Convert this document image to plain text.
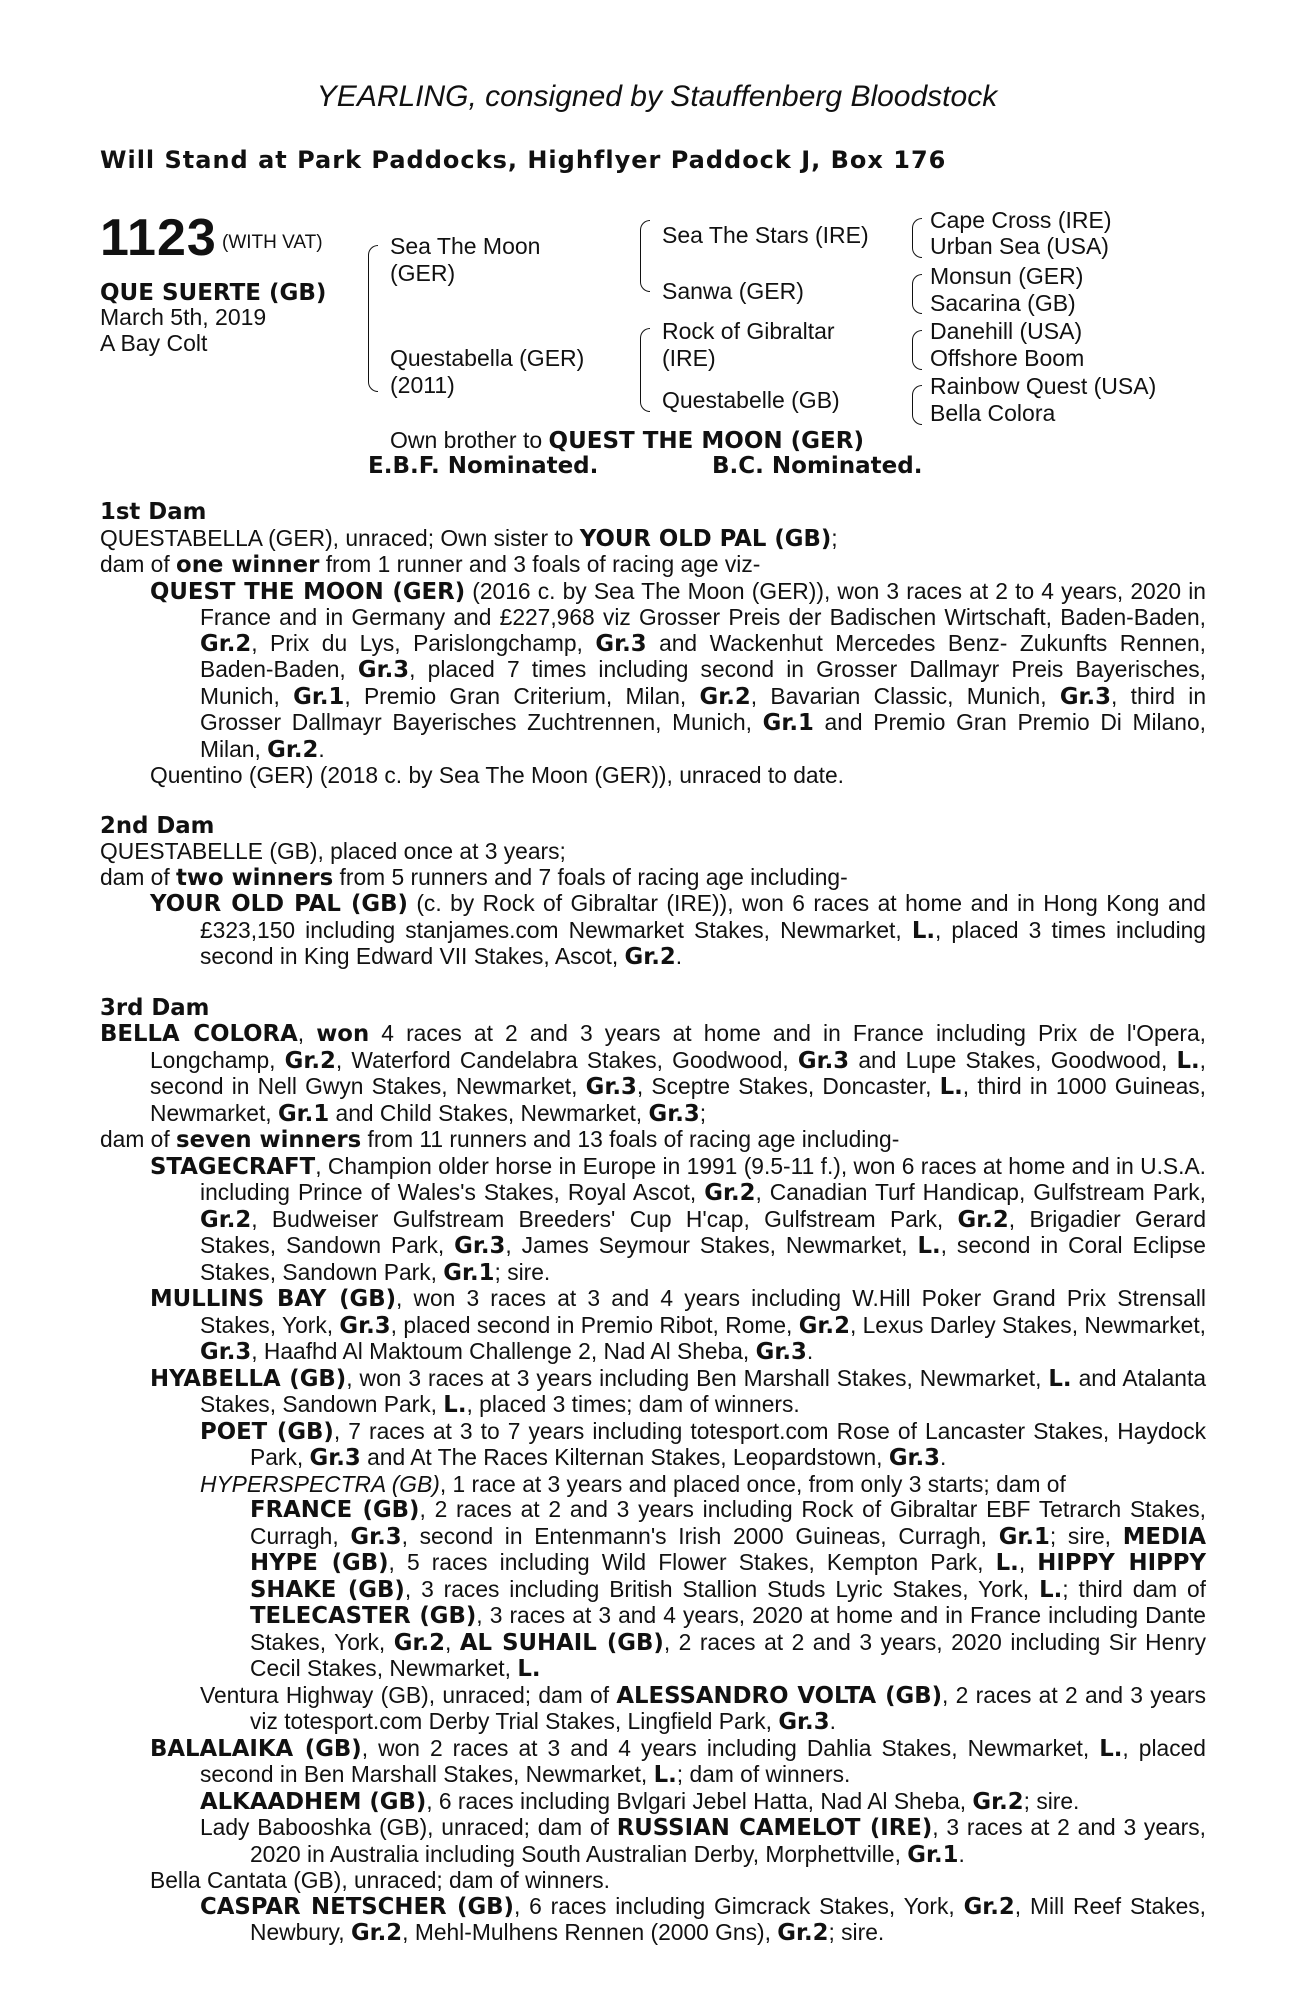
YEARLING, consigned by Stauffenberg Bloodstock
Will Stand at Park Paddocks, Highflyer Paddock J, Box 176
1123 (WITH VAT)
QUE SUERTE (GB)
March 5th, 2019
A Bay Colt
Sea The Moon
(GER)
Questabella (GER)
(2011)
Sea The Stars (IRE)
Sanwa (GER)
Rock of Gibraltar
(IRE)
Questabelle (GB)
Cape Cross (IRE)
Urban Sea (USA)
Monsun (GER)
Sacarina (GB)
Danehill (USA)
Offshore Boom
Rainbow Quest (USA)
Bella Colora
Own brother to QUEST THE MOON (GER)
E.B.F. Nominated.	B.C. Nominated.
1st Dam
QUESTABELLA (GER), unraced; Own sister to YOUR OLD PAL (GB);
dam of one winner from 1 runner and 3 foals of racing age viz-
QUEST THE MOON (GER) (2016 c. by Sea The Moon (GER)), won 3 races at 2 to 4 years, 2020 in France and in Germany and £227,968 viz Grosser Preis der Badischen Wirtschaft, Baden-Baden, Gr.2, Prix du Lys, Parislongchamp, Gr.3 and Wackenhut Mercedes Benz- Zukunfts Rennen, Baden-Baden, Gr.3, placed 7 times including second in Grosser Dallmayr Preis Bayerisches, Munich, Gr.1, Premio Gran Criterium, Milan, Gr.2, Bavarian Classic, Munich, Gr.3, third in Grosser Dallmayr Bayerisches Zuchtrennen, Munich, Gr.1 and Premio Gran Premio Di Milano, Milan, Gr.2.
Quentino (GER) (2018 c. by Sea The Moon (GER)), unraced to date.
2nd Dam
QUESTABELLE (GB), placed once at 3 years;
dam of two winners from 5 runners and 7 foals of racing age including-
YOUR OLD PAL (GB) (c. by Rock of Gibraltar (IRE)), won 6 races at home and in Hong Kong and £323,150 including stanjames.com Newmarket Stakes, Newmarket, L., placed 3 times including second in King Edward VII Stakes, Ascot, Gr.2.
3rd Dam
BELLA COLORA, won 4 races at 2 and 3 years at home and in France including Prix de l'Opera, Longchamp, Gr.2, Waterford Candelabra Stakes, Goodwood, Gr.3 and Lupe Stakes, Goodwood, L., second in Nell Gwyn Stakes, Newmarket, Gr.3, Sceptre Stakes, Doncaster, L., third in 1000 Guineas, Newmarket, Gr.1 and Child Stakes, Newmarket, Gr.3;
dam of seven winners from 11 runners and 13 foals of racing age including-
STAGECRAFT, Champion older horse in Europe in 1991 (9.5-11 f.), won 6 races at home and in U.S.A. including Prince of Wales's Stakes, Royal Ascot, Gr.2, Canadian Turf Handicap, Gulfstream Park, Gr.2, Budweiser Gulfstream Breeders' Cup H'cap, Gulfstream Park, Gr.2, Brigadier Gerard Stakes, Sandown Park, Gr.3, James Seymour Stakes, Newmarket, L., second in Coral Eclipse Stakes, Sandown Park, Gr.1; sire.
MULLINS BAY (GB), won 3 races at 3 and 4 years including W.Hill Poker Grand Prix Strensall Stakes, York, Gr.3, placed second in Premio Ribot, Rome, Gr.2, Lexus Darley Stakes, Newmarket, Gr.3, Haafhd Al Maktoum Challenge 2, Nad Al Sheba, Gr.3.
HYABELLA (GB), won 3 races at 3 years including Ben Marshall Stakes, Newmarket, L. and Atalanta Stakes, Sandown Park, L., placed 3 times; dam of winners.
POET (GB), 7 races at 3 to 7 years including totesport.com Rose of Lancaster Stakes, Haydock Park, Gr.3 and At The Races Kilternan Stakes, Leopardstown, Gr.3.
HYPERSPECTRA (GB), 1 race at 3 years and placed once, from only 3 starts; dam of
FRANCE (GB), 2 races at 2 and 3 years including Rock of Gibraltar EBF Tetrarch Stakes, Curragh, Gr.3, second in Entenmann's Irish 2000 Guineas, Curragh, Gr.1; sire, MEDIA HYPE (GB), 5 races including Wild Flower Stakes, Kempton Park, L., HIPPY HIPPY SHAKE (GB), 3 races including British Stallion Studs Lyric Stakes, York, L.; third dam of TELECASTER (GB), 3 races at 3 and 4 years, 2020 at home and in France including Dante Stakes, York, Gr.2, AL SUHAIL (GB), 2 races at 2 and 3 years, 2020 including Sir Henry Cecil Stakes, Newmarket, L.
Ventura Highway (GB), unraced; dam of ALESSANDRO VOLTA (GB), 2 races at 2 and 3 years viz totesport.com Derby Trial Stakes, Lingfield Park, Gr.3.
BALALAIKA (GB), won 2 races at 3 and 4 years including Dahlia Stakes, Newmarket, L., placed second in Ben Marshall Stakes, Newmarket, L.; dam of winners.
ALKAADHEM (GB), 6 races including Bvlgari Jebel Hatta, Nad Al Sheba, Gr.2; sire.
Lady Babooshka (GB), unraced; dam of RUSSIAN CAMELOT (IRE), 3 races at 2 and 3 years, 2020 in Australia including South Australian Derby, Morphettville, Gr.1.
Bella Cantata (GB), unraced; dam of winners.
CASPAR NETSCHER (GB), 6 races including Gimcrack Stakes, York, Gr.2, Mill Reef Stakes, Newbury, Gr.2, Mehl-Mulhens Rennen (2000 Gns), Gr.2; sire.
